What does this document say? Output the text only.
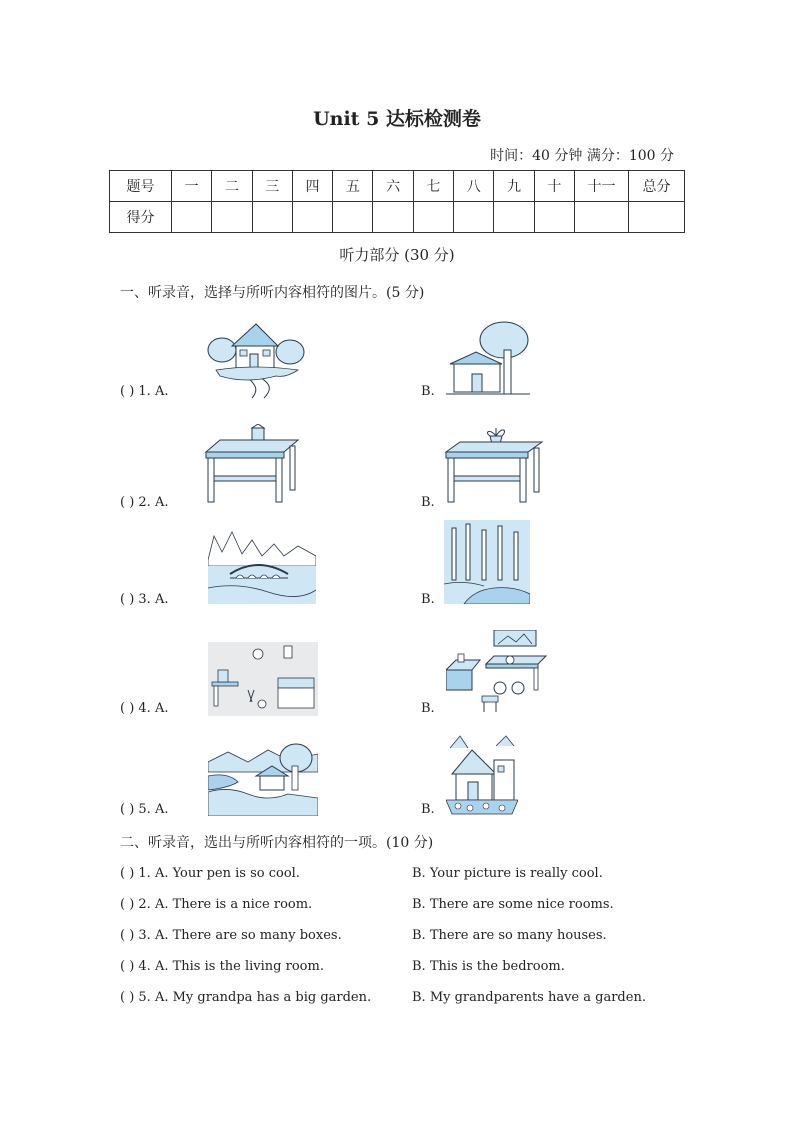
Unit 5 达标检测卷
时间：40 分钟 满分：100 分
题号	一	二	三	四	五	六	七	八	九	十	十一	总分
得分												
听力部分 (30 分)
一、听录音，选择与所听内容相符的图片。(5 分)
( ) 1. A.	B.
( ) 2. A.	B.
( ) 3. A.	B.
( ) 4. A.	B.
( ) 5. A.	B.
二、听录音，选出与所听内容相符的一项。(10 分)
( ) 1. A. Your pen is so cool.	B. Your picture is really cool.
( ) 2. A. There is a nice room.	B. There are some nice rooms.
( ) 3. A. There are so many boxes.	B. There are so many houses.
( ) 4. A. This is the living room.	B. This is the bedroom.
( ) 5. A. My grandpa has a big garden.	B. My grandparents have a garden.
